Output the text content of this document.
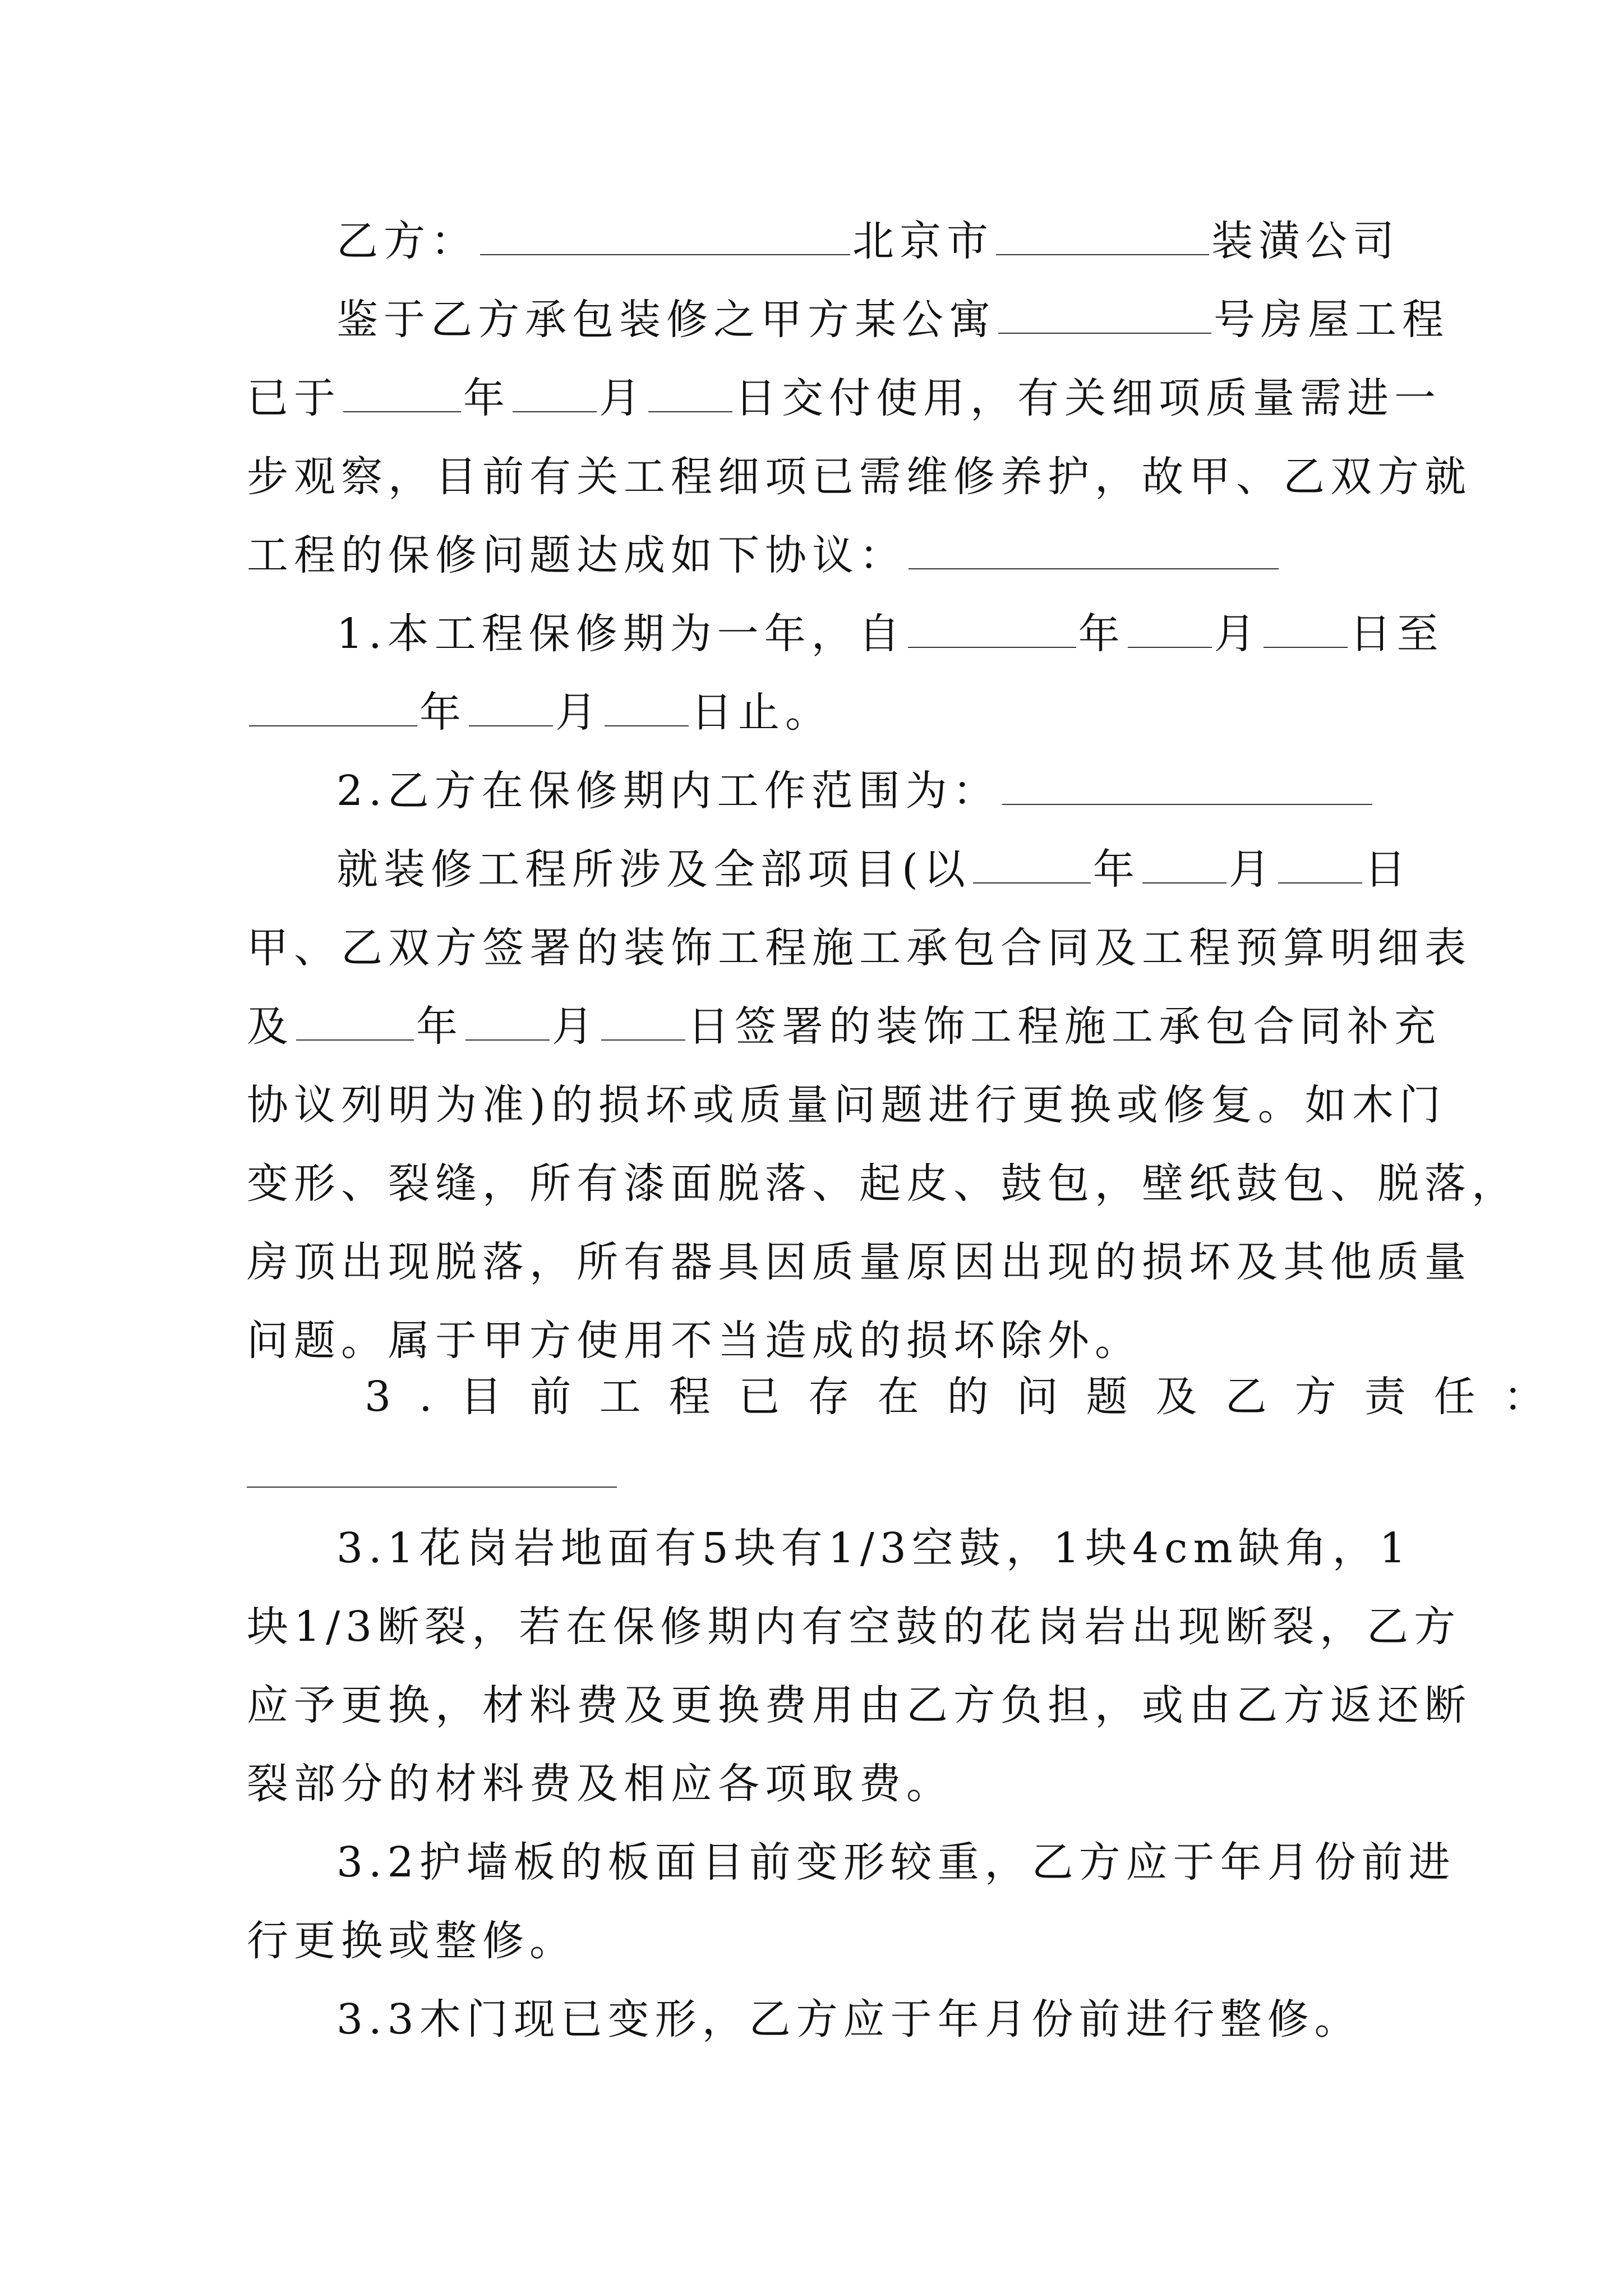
乙方：	北京市	装潢公司
鉴于乙方承包装修之甲方某公寓	号房屋工程
已于	年 月 日交付使用，有关细项质量需进一
步观察，目前有关工程细项已需维修养护，故甲、乙双方就
工程的保修问题达成如下协议：
1.本工程保修期为一年，自	年 月 日至
年 月 日止。
2.乙方在保修期内工作范围为：
就装修工程所涉及全部项目(以	年 月 日
甲、乙双方签署的装饰工程施工承包合同及工程预算明细表
及	年 月 日签署的装饰工程施工承包合同补充
协议列明为准)的损坏或质量问题进行更换或修复。如木门
变形、裂缝，所有漆面脱落、起皮、鼓包，壁纸鼓包、脱落，
房顶出现脱落，所有器具因质量原因出现的损坏及其他质量
问题。属于甲方使用不当造成的损坏除外。
3.目前工程已存在的问题及乙方责任：
3.1花岗岩地面有5块有1/3空鼓，1块4cm缺角，1
块1/3断裂，若在保修期内有空鼓的花岗岩出现断裂，乙方
应予更换，材料费及更换费用由乙方负担，或由乙方返还断
裂部分的材料费及相应各项取费。
3.2护墙板的板面目前变形较重，乙方应于年月份前进
行更换或整修。
3.3木门现已变形，乙方应于年月份前进行整修。
